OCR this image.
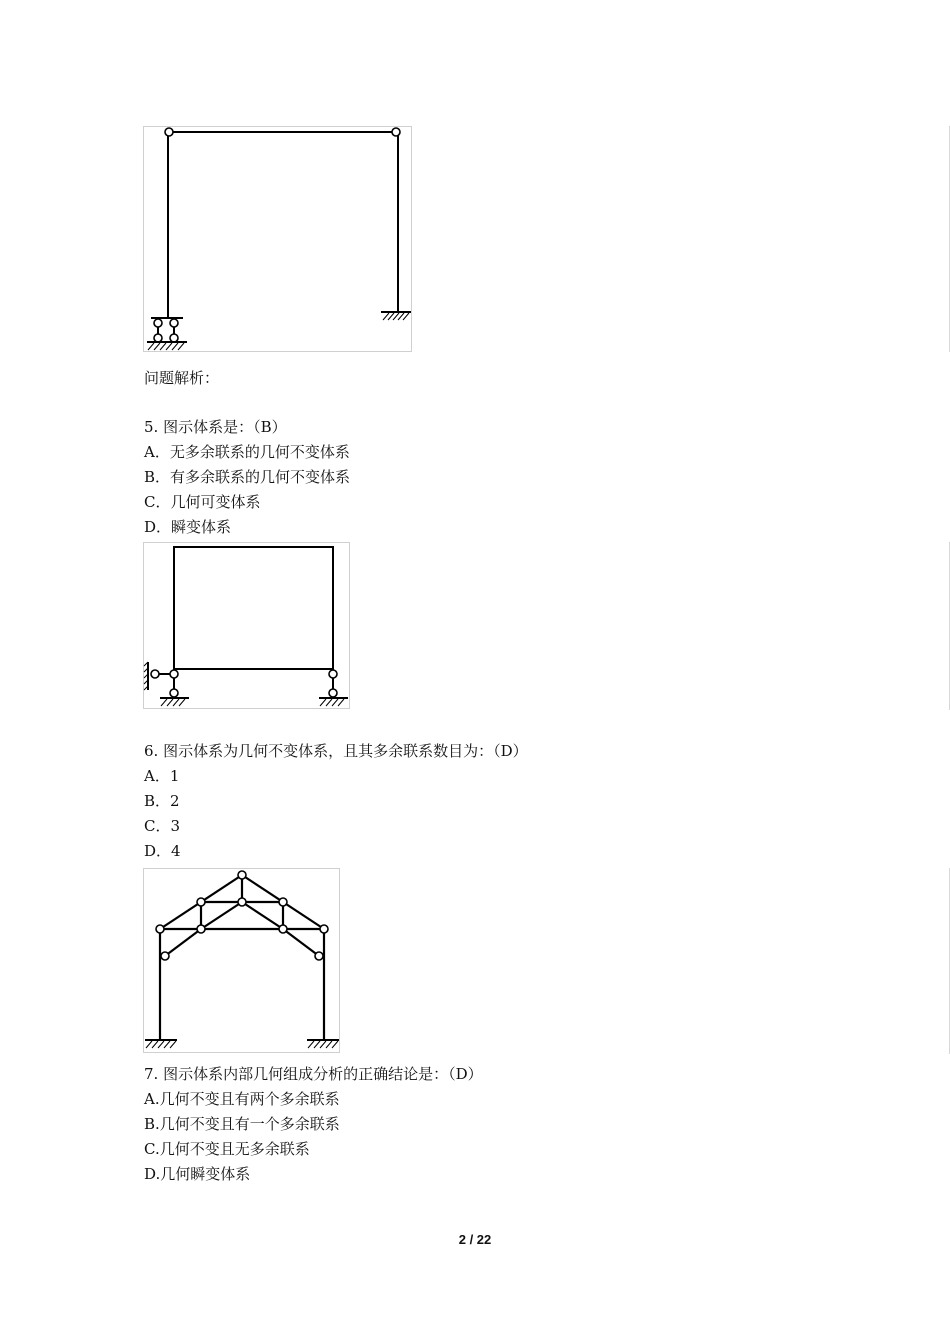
问题解析：
5. 图示体系是：（B）
A．无多余联系的几何不变体系
B．有多余联系的几何不变体系
C．几何可变体系
D．瞬变体系
6. 图示体系为几何不变体系，且其多余联系数目为：（D）
A．1
B．2
C．3
D．4
7. 图示体系内部几何组成分析的正确结论是：（D）
A.几何不变且有两个多余联系
B.几何不变且有一个多余联系
C.几何不变且无多余联系
D.几何瞬变体系
2 / 22
